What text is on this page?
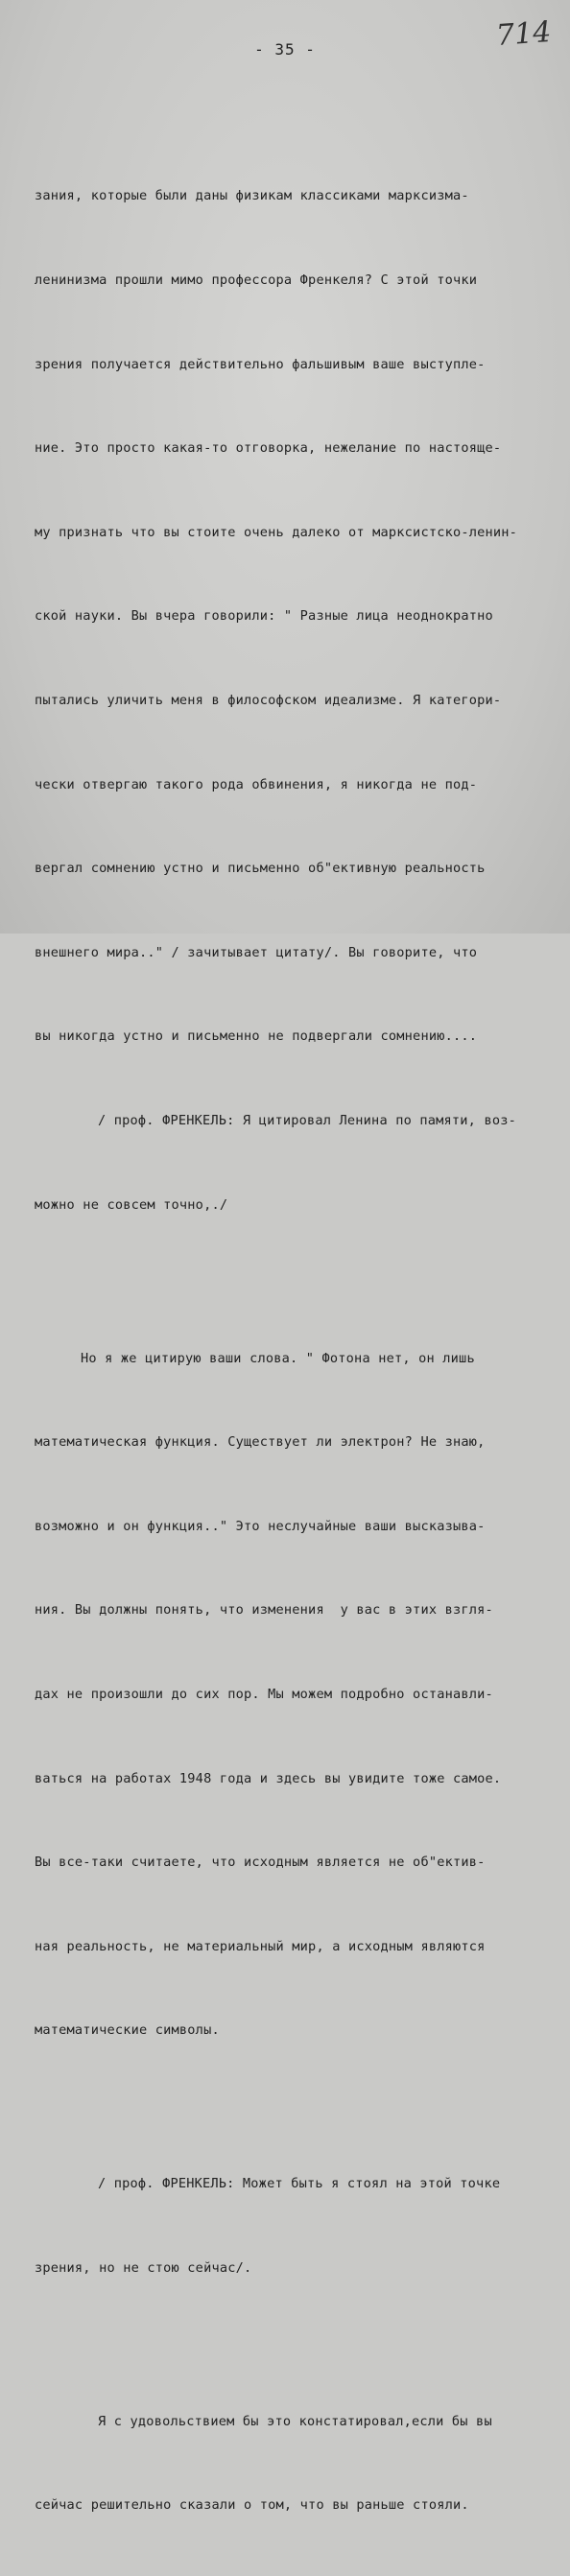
- 35 -	714

зания, которые были даны физикам классиками марксизма-

ленинизма прошли мимо профессора Френкеля? С этой точки

зрения получается действительно фальшивым ваше выступле-

ние. Это просто какая-то отговорка, нежелание по настояще-

му признать что вы стоите очень далеко от марксистско-ленин-

ской науки. Вы вчера говорили: " Разные лица неоднократно

пытались уличить меня в философском идеализме. Я категори-

чески отвергаю такого рода обвинения, я никогда не под-

вергал сомнению устно и письменно об"ективную реальность

внешнего мира.." / зачитывает цитату/. Вы говорите, что

вы никогда устно и письменно не подвергали сомнению....

/ проф. ФРЕНКЕЛЬ: Я цитировал Ленина по памяти, воз-

можно не совсем точно,./

Но я же цитирую ваши слова. " Фотона нет, он лишь

математическая функция. Существует ли электрон? Не знаю,

возможно и он функция.." Это неслучайные ваши высказыва-

ния. Вы должны понять, что изменения  у вас в этих взгля-

дах не произошли до сих пор. Мы можем подробно останавли-

ваться на работах 1948 года и здесь вы увидите тоже самое.

Вы все-таки считаете, что исходным является не об"ектив-

ная реальность, не материальный мир, а исходным являются

математические символы.

/ проф. ФРЕНКЕЛЬ: Может быть я стоял на этой точке

зрения, но не стою сейчас/.

Я с удовольствием бы это констатировал,если бы вы

сейчас решительно сказали о том, что вы раньше стояли.
